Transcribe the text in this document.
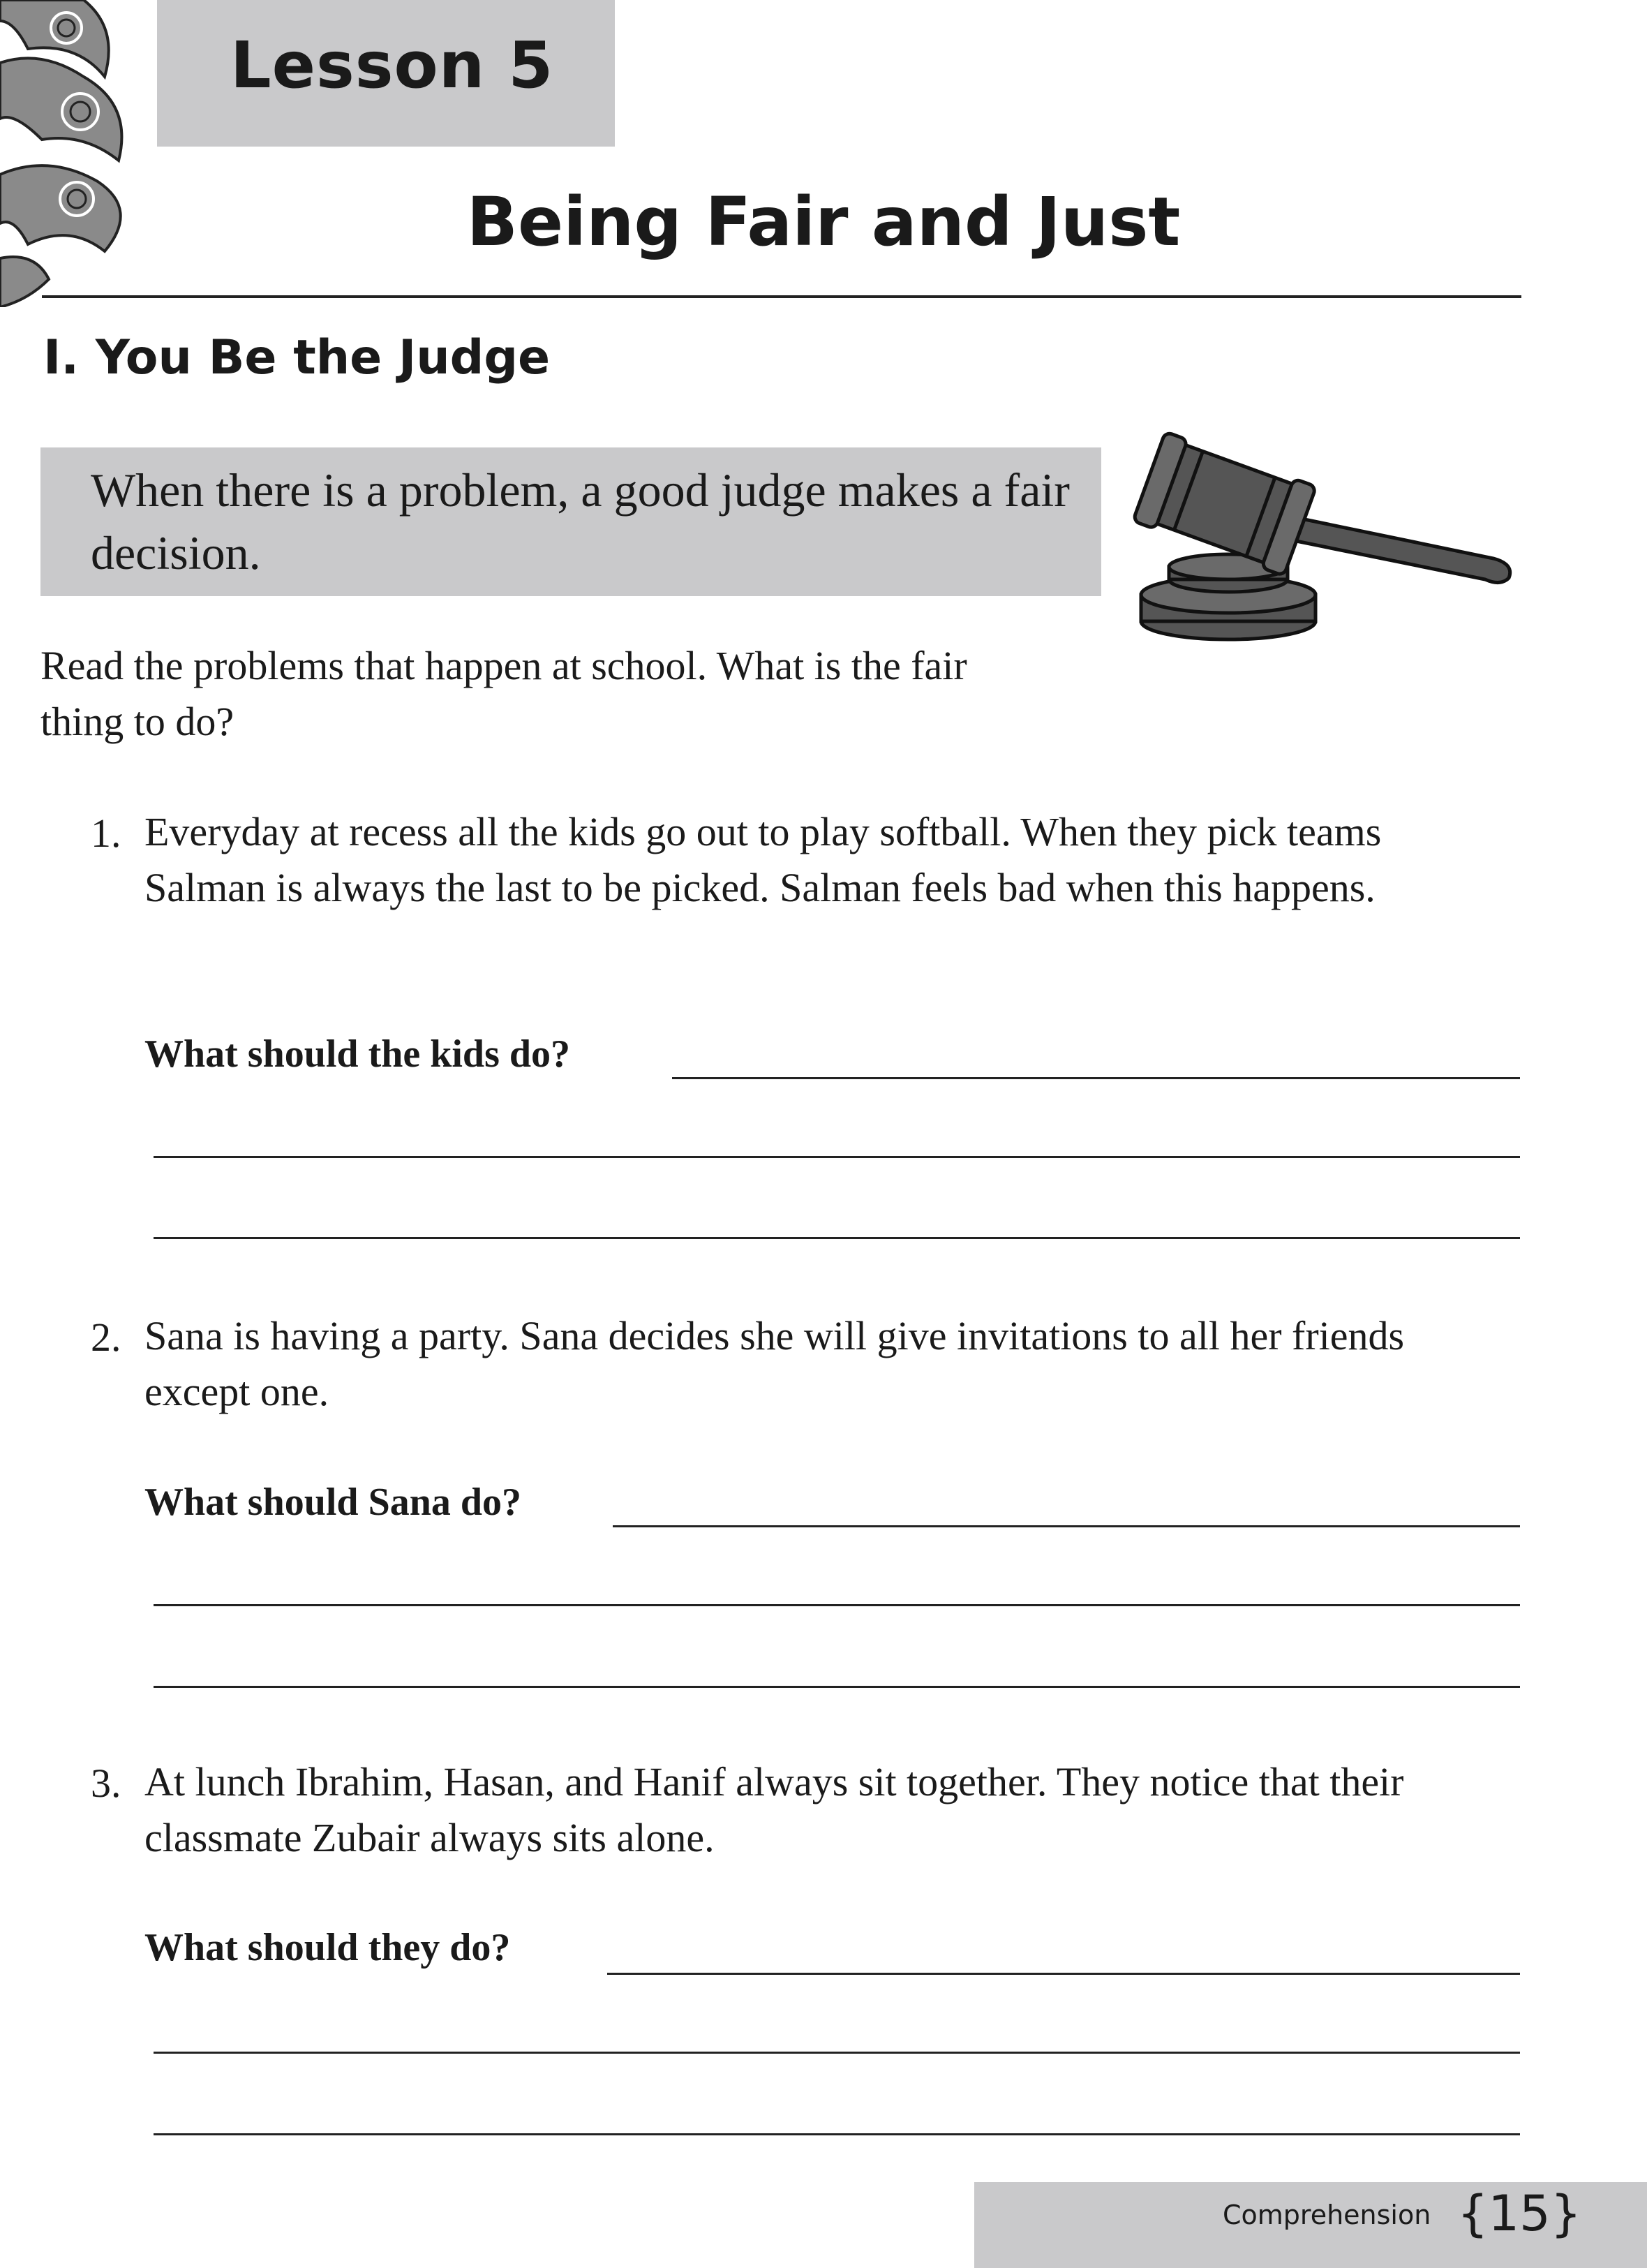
Lesson 5
Being Fair and Just
I. You Be the Judge
When there is a problem, a good judge makes a fair decision.
Read the problems that happen at school. What is the fair thing to do?
1. Everyday at recess all the kids go out to play softball. When they pick teams Salman is always the last to be picked. Salman feels bad when this happens.
What should the kids do?
2. Sana is having a party. Sana decides she will give invitations to all her friends except one.
What should Sana do?
3. At lunch Ibrahim, Hasan, and Hanif always sit together. They notice that their classmate Zubair always sits alone.
What should they do?
Comprehension {15}
